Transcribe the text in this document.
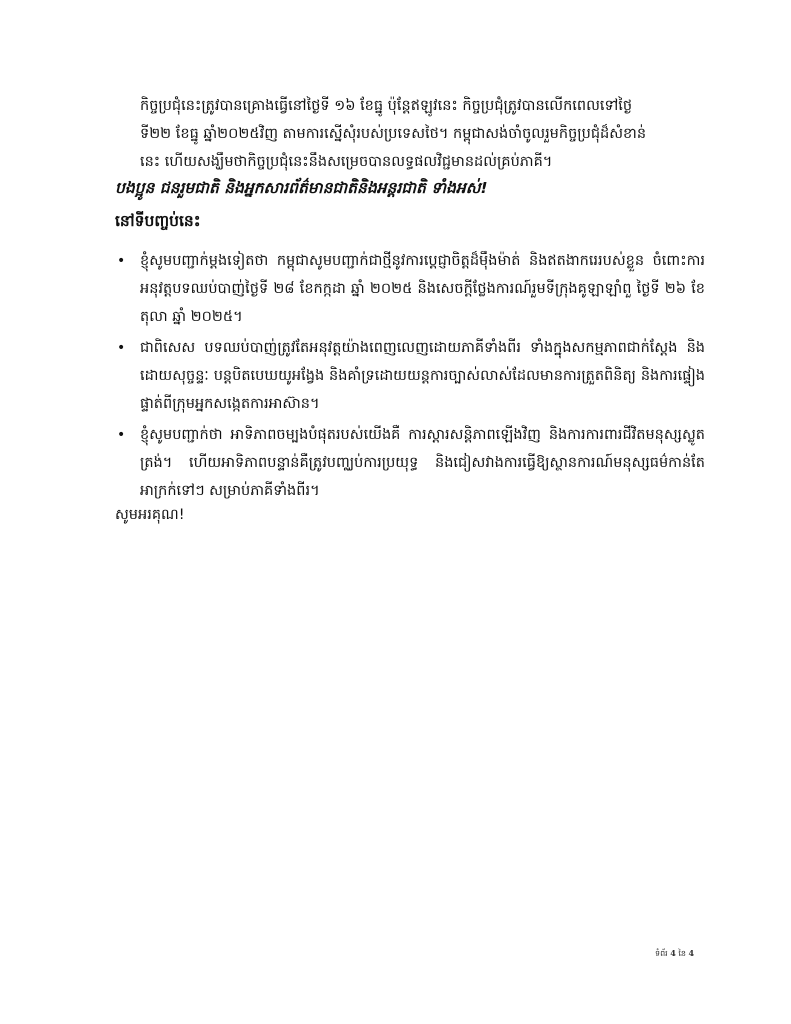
កិច្ចប្រជុំនេះត្រូវបានគ្រោងធ្វើនៅថ្ងៃទី ១៦ ខែធ្នូ ប៉ុន្តែឥឡូវនេះ កិច្ចប្រជុំត្រូវបានលើកពេលទៅថ្ងៃ
ទី២២ ខែធ្នូ ឆ្នាំ២០២៥វិញ តាមការស្នើសុំរបស់ប្រទេសថៃ។ កម្ពុជាសង់ចាំចូលរួមកិច្ចប្រជុំដ៏សំខាន់
នេះ ហើយសង្ឃឹមថាកិច្ចប្រជុំនេះនឹងសម្រេចបានលទ្ធផលវិជ្ជមានដល់គ្រប់ភាគី។
បងប្អូន ជនរួមជាតិ និងអ្នកសារព័ត៌មានជាតិនិងអន្តរជាតិ ទាំងអស់!
នៅទីបញ្ចប់នេះ
• ខ្ញុំសូមបញ្ជាក់ម្តងទៀតថា កម្ពុជាសូមបញ្ជាក់ជាថ្មីនូវការប្តេជ្ញាចិត្តដ៏មុឹងម៉ាត់ និងឥតងាករេរបស់ខ្លួន ចំពោះការអនុវត្តបទឈប់បាញ់ថ្ងៃទី ២៨ ខែកក្កដា ឆ្នាំ ២០២៥ និងសេចក្តីថ្លែងការណ៍រួមទីក្រុងគូឡាឡាំពួ ថ្ងៃទី ២៦ ខែតុលា ឆ្នាំ ២០២៥។
• ជាពិសេស បទឈប់បាញ់ត្រូវតែអនុវត្តយ៉ាងពេញលេញដោយភាគីទាំងពីរ ទាំងក្នុងសកម្មភាពជាក់ស្តែង និងដោយសុច្ចន្ទៈ បន្តបិតបេឃយូអង្វែង និងគាំទ្រដោយយន្តការច្បាស់លាស់ដែលមានការត្រួតពិនិត្យ និងការផ្ទៀងផ្ទាត់ពីក្រុមអ្នកសង្កេតការអាស៊ាន។
• ខ្ញុំសូមបញ្ជាក់ថា អាទិភាពចម្បងបំផុតរបស់យើងគឺ ការស្តារសន្តិភាពឡើងវិញ និងការការពារជីវិតមនុស្សស្លូតត្រង់។ ហើយអាទិភាពបន្ទាន់គឺត្រូវបញ្ឈប់ការប្រយុទ្ធ និងជៀសវាងការធ្វើឱ្យស្ថានការណ៍មនុស្សធម៌កាន់តែអាក្រក់ទៅៗ សម្រាប់ភាគីទាំងពីរ។
សូមអរគុណ!
ទំព័រ 4 នៃ 4
